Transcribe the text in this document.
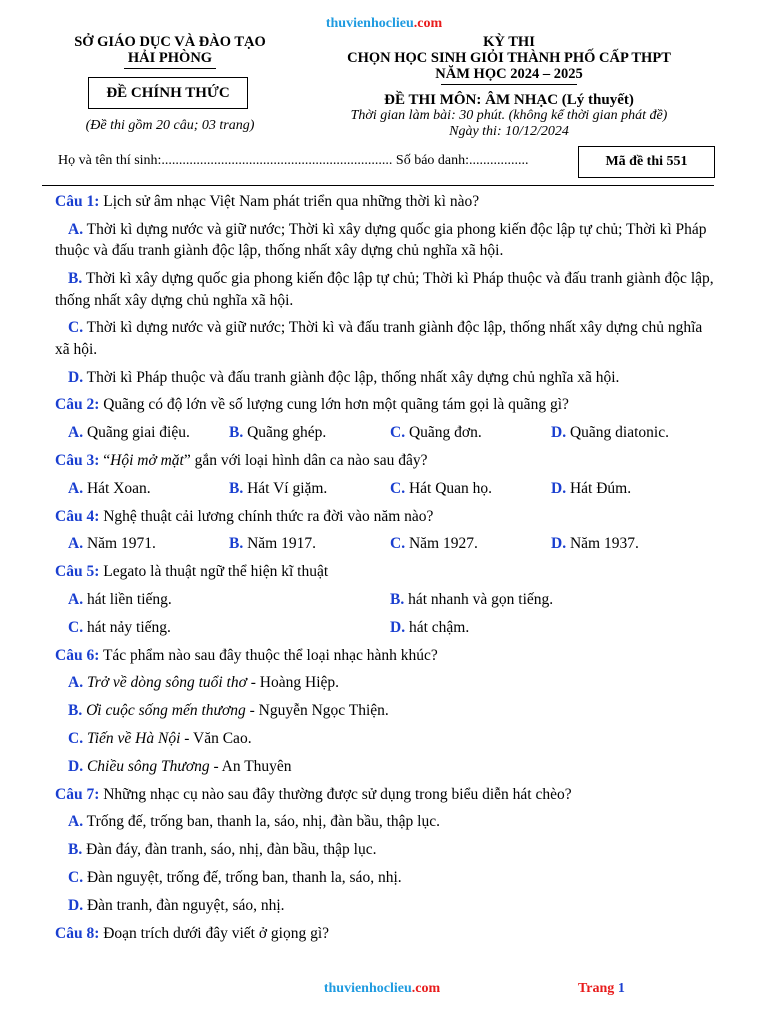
thuvienhoclieu.com
SỞ GIÁO DỤC VÀ ĐÀO TẠO
HẢI PHÒNG
ĐỀ CHÍNH THỨC
(Đề thi gồm 20 câu; 03 trang)
KỲ THI
CHỌN HỌC SINH GIỎI THÀNH PHỐ CẤP THPT
NĂM HỌC 2024 – 2025
ĐỀ THI MÔN: ÂM NHẠC (Lý thuyết)
Thời gian làm bài: 30 phút. (không kể thời gian phát đề)
Ngày thi: 10/12/2024
Họ và tên thí sinh:.................................................................. Số báo danh:.................	Mã đề thi 551
Câu 1: Lịch sử âm nhạc Việt Nam phát triển qua những thời kì nào?
A. Thời kì dựng nước và giữ nước; Thời kì xây dựng quốc gia phong kiến độc lập tự chủ; Thời kì Pháp thuộc và đấu tranh giành độc lập, thống nhất xây dựng chủ nghĩa xã hội.
B. Thời kì xây dựng quốc gia phong kiến độc lập tự chủ; Thời kì Pháp thuộc và đấu tranh giành độc lập, thống nhất xây dựng chủ nghĩa xã hội.
C. Thời kì dựng nước và giữ nước; Thời kì và đấu tranh giành độc lập, thống nhất xây dựng chủ nghĩa xã hội.
D. Thời kì Pháp thuộc và đấu tranh giành độc lập, thống nhất xây dựng chủ nghĩa xã hội.
Câu 2: Quãng có độ lớn về số lượng cung lớn hơn một quãng tám gọi là quãng gì?
A. Quãng giai điệu.	B. Quãng ghép.	C. Quãng đơn.	D. Quãng diatonic.
Câu 3: “Hội mở mặt” gắn với loại hình dân ca nào sau đây?
A. Hát Xoan.	B. Hát Ví giặm.	C. Hát Quan họ.	D. Hát Đúm.
Câu 4: Nghệ thuật cải lương chính thức ra đời vào năm nào?
A. Năm 1971.	B. Năm 1917.	C. Năm 1927.	D. Năm 1937.
Câu 5: Legato là thuật ngữ thể hiện kĩ thuật
A. hát liền tiếng.	B. hát nhanh và gọn tiếng.
C. hát nảy tiếng.	D. hát chậm.
Câu 6: Tác phẩm nào sau đây thuộc thể loại nhạc hành khúc?
A. Trở về dòng sông tuổi thơ - Hoàng Hiệp.
B. Ơi cuộc sống mến thương - Nguyễn Ngọc Thiện.
C. Tiến về Hà Nội - Văn Cao.
D. Chiều sông Thương - An Thuyên
Câu 7: Những nhạc cụ nào sau đây thường được sử dụng trong biểu diễn hát chèo?
A. Trống đế, trống ban, thanh la, sáo, nhị, đàn bầu, thập lục.
B. Đàn đáy, đàn tranh, sáo, nhị, đàn bầu, thập lục.
C. Đàn nguyệt, trống đế, trống ban, thanh la, sáo, nhị.
D. Đàn tranh, đàn nguyệt, sáo, nhị.
Câu 8: Đoạn trích dưới đây viết ở giọng gì?
thuvienhoclieu.com	Trang 1
